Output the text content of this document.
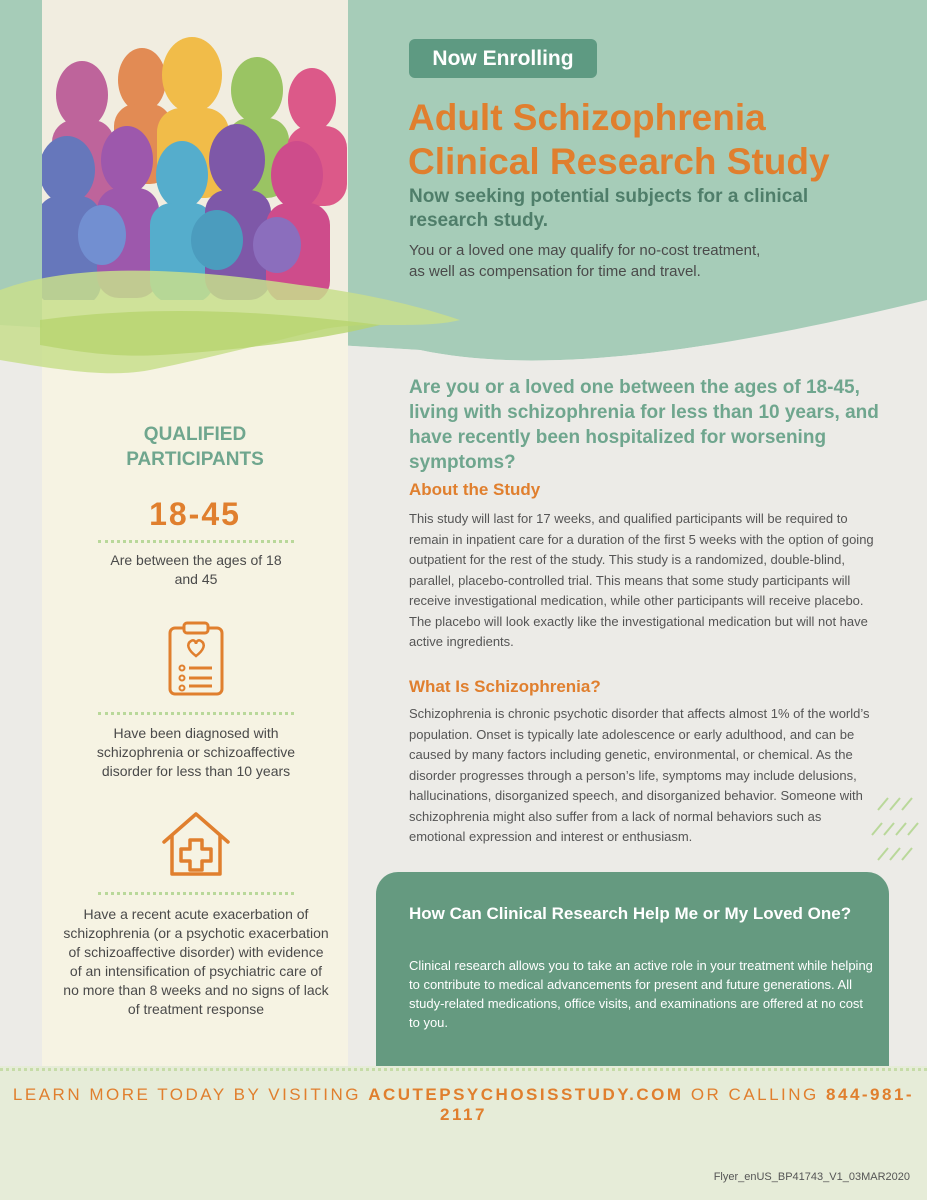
Now Enrolling
Adult Schizophrenia
Clinical Research Study
Now seeking potential subjects for a clinical research study.
You or a loved one may qualify for no-cost treatment,
as well as compensation for time and travel.
QUALIFIED
PARTICIPANTS
18-45
Are between the ages of 18 and 45
Have been diagnosed with schizophrenia or schizoaffective disorder for less than 10 years
Have a recent acute exacerbation of schizophrenia (or a psychotic exacerbation of schizoaffective disorder) with evidence of an intensification of psychiatric care of no more than 8 weeks and no signs of lack of treatment response
Are you or a loved one between the ages of 18-45, living with schizophrenia for less than 10 years, and have recently been hospitalized for worsening symptoms?
About the Study
This study will last for 17 weeks, and qualified participants will be required to remain in inpatient care for a duration of the first 5 weeks with the option of going outpatient for the rest of the study. This study is a randomized, double-blind, parallel, placebo-controlled trial. This means that some study participants will receive investigational medication, while other participants will receive placebo. The placebo will look exactly like the investigational medication but will not have active ingredients.
What Is Schizophrenia?
Schizophrenia is chronic psychotic disorder that affects almost 1% of the world’s population. Onset is typically late adolescence or early adulthood, and can be caused by many factors including genetic, environmental, or chemical. As the disorder progresses through a person’s life, symptoms may include delusions, hallucinations, disorganized speech, and disorganized behavior. Someone with schizophrenia might also suffer from a lack of normal behaviors such as emotional expression and interest or enthusiasm.
How Can Clinical Research Help Me or My Loved One?
Clinical research allows you to take an active role in your treatment while helping to contribute to medical advancements for present and future generations. All study-related medications, office visits, and examinations are offered at no cost to you.
LEARN MORE TODAY BY VISITING ACUTEPSYCHOSISSTUDY.COM OR CALLING 844-981-2117
Flyer_enUS_BP41743_V1_03MAR2020
